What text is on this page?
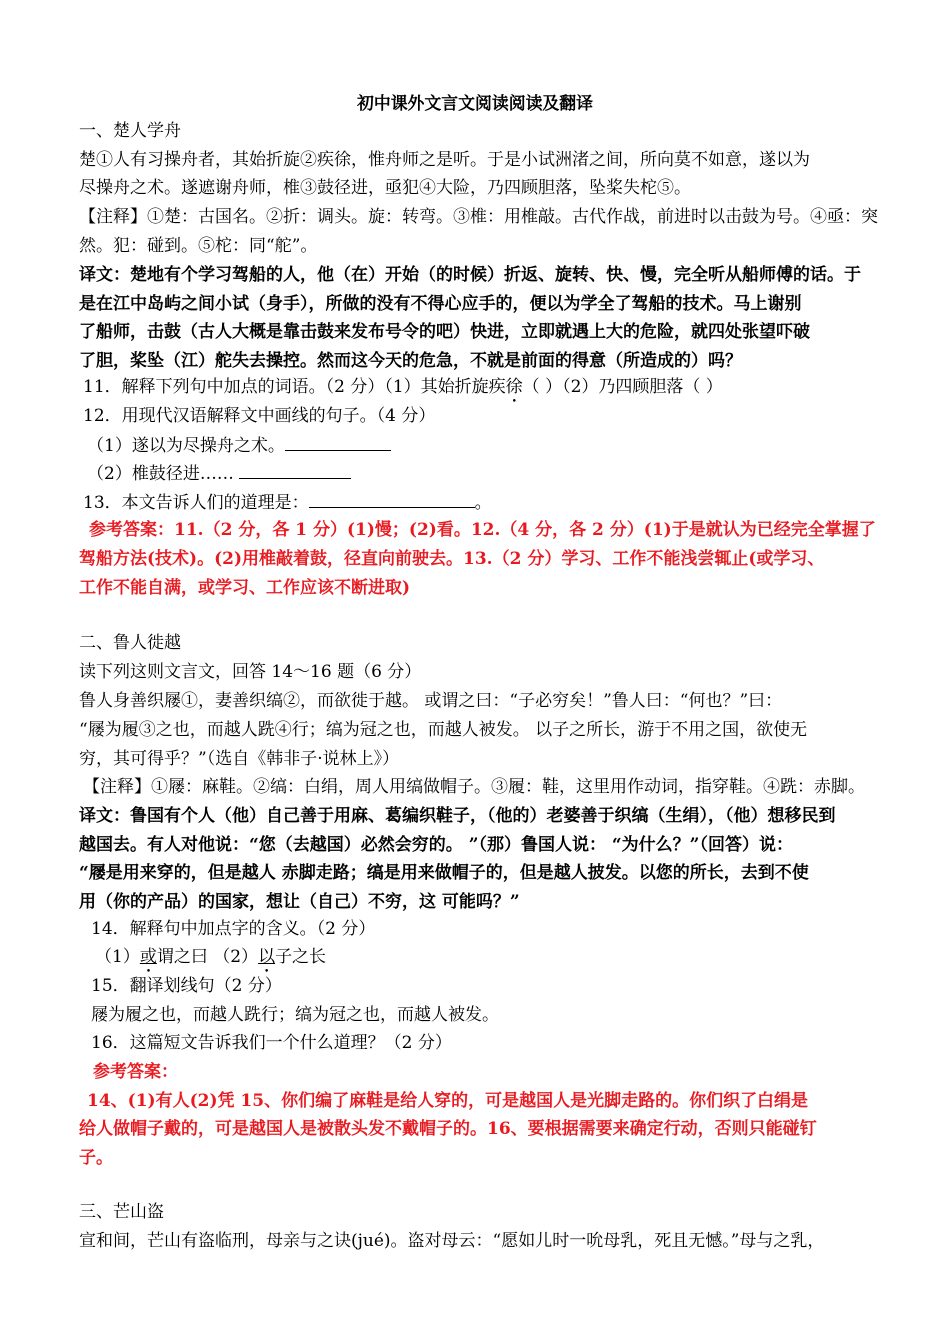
初中课外文言文阅读阅读及翻译
一、楚人学舟
楚①人有习操舟者，其始折旋②疾徐，惟舟师之是听。于是小试洲渚之间，所向莫不如意，遂以为
尽操舟之术。遂遮谢舟师，椎③鼓径进，亟犯④大险，乃四顾胆落，坠桨失柁⑤。
【注释】①楚：古国名。②折：调头。旋：转弯。③椎：用椎敲。古代作战，前进时以击鼓为号。④亟：突
然。犯：碰到。⑤柁：同“舵”。
译文：楚地有个学习驾船的人，他（在）开始（的时候）折返、旋转、快、慢，完全听从船师傅的话。于
是在江中岛屿之间小试（身手），所做的没有不得心应手的，便以为学全了驾船的技术。马上谢别
了船师，击鼓（古人大概是靠击鼓来发布号令的吧）快进，立即就遇上大的危险，就四处张望吓破
了胆，桨坠（江）舵失去操控。然而这今天的危急，不就是前面的得意（所造成的）吗？
11．解释下列句中加点的词语。（2 分）（1）其始折旋疾徐（ ）（2）乃四顾胆落（ ）
12．用现代汉语解释文中画线的句子。（4 分）
（1）遂以为尽操舟之术。
（2）椎鼓径进……
13．本文告诉人们的道理是：	。
参考答案：11.（2 分，各 1 分）(1)慢；(2)看。12.（4 分，各 2 分）(1)于是就认为已经完全掌握了
驾船方法(技术)。(2)用椎敲着鼓，径直向前驶去。13.（2 分）学习、工作不能浅尝辄止(或学习、
工作不能自满，或学习、工作应该不断进取)
二、鲁人徙越
读下列这则文言文，回答 14～16 题（6 分）
鲁人身善织屦①，妻善织缟②，而欲徙于越。 或谓之曰：“子必穷矣！”鲁人曰：“何也？”曰：
“屦为履③之也，而越人跣④行；缟为冠之也，而越人被发。 以子之所长，游于不用之国，欲使无
穷，其可得乎？”（选自《韩非子·说林上》）
【注释】①屦：麻鞋。②缟：白绢，周人用缟做帽子。③履：鞋，这里用作动词，指穿鞋。④跣：赤脚。
译文：鲁国有个人（他）自己善于用麻、葛编织鞋子，（他的）老婆善于织缟（生绢），（他）想移民到
越国去。有人对他说：“您（去越国）必然会穷的。 ”（那）鲁国人说： “为什么？”（回答）说：
“屦是用来穿的，但是越人 赤脚走路；缟是用来做帽子的，但是越人披发。以您的所长，去到不使
用（你的产品）的国家，想让（自己）不穷，这 可能吗？”
14．解释句中加点字的含义。（2 分）
（1）或谓之曰 （2）以子之长
15．翻译划线句（2 分）
屦为履之也，而越人跣行；缟为冠之也，而越人被发。
16．这篇短文告诉我们一个什么道理？（2 分）
参考答案：
14、(1)有人(2)凭 15、你们编了麻鞋是给人穿的，可是越国人是光脚走路的。你们织了白绢是
给人做帽子戴的，可是越国人是被散头发不戴帽子的。16、要根据需要来确定行动，否则只能碰钉
子。
三、芒山盗
宣和间，芒山有盗临刑，母亲与之诀(jué)。盗对母云：“愿如儿时一吮母乳，死且无憾。”母与之乳，
